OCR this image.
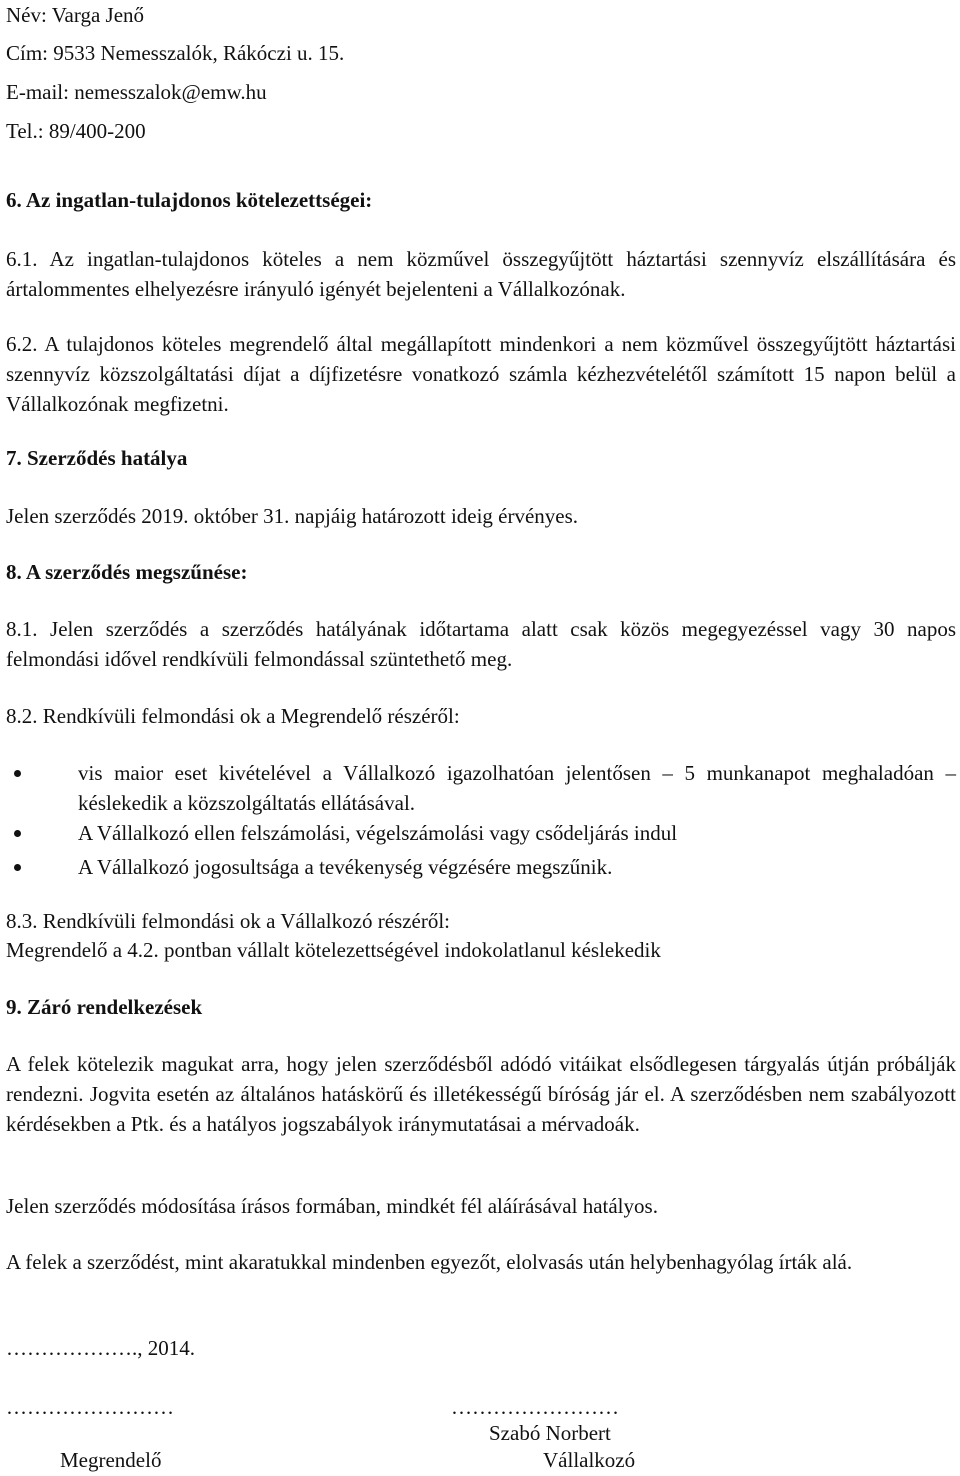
Név: Varga Jenő
Cím: 9533 Nemesszalók, Rákóczi u. 15.
E-mail: nemesszalok@emw.hu
Tel.: 89/400-200
6. Az ingatlan-tulajdonos kötelezettségei:

6.1. Az ingatlan-tulajdonos köteles a nem közművel összegyűjtött háztartási szennyvíz elszállítására és ártalommentes elhelyezésre irányuló igényét bejelenteni a Vállalkozónak.

6.2. A tulajdonos köteles megrendelő által megállapított mindenkori a nem közművel összegyűjtött háztartási szennyvíz közszolgáltatási díjat a díjfizetésre vonatkozó számla kézhezvételétől számított 15 napon belül a Vállalkozónak megfizetni.

7. Szerződés hatálya
Jelen szerződés 2019. október 31. napjáig határozott ideig érvényes.
8. A szerződés megszűnése:

8.1. Jelen szerződés a szerződés hatályának időtartama alatt csak közös megegyezéssel vagy 30 napos felmondási idővel rendkívüli felmondással szüntethető meg.

8.2. Rendkívüli felmondási ok a Megrendelő részéről:
vis maior eset kivételével a Vállalkozó igazolhatóan jelentősen – 5 munkanapot meghaladóan – késlekedik a közszolgáltatás ellátásával.
A Vállalkozó ellen felszámolási, végelszámolási vagy csődeljárás indul
A Vállalkozó jogosultsága a tevékenység végzésére megszűnik.
8.3. Rendkívüli felmondási ok a Vállalkozó részéről:
Megrendelő a 4.2. pontban vállalt kötelezettségével indokolatlanul késlekedik
9. Záró rendelkezések

A felek kötelezik magukat arra, hogy jelen szerződésből adódó vitáikat elsődlegesen tárgyalás útján próbálják rendezni. Jogvita esetén az általános hatáskörű és illetékességű bíróság jár el. A szerződésben nem szabályozott kérdésekben a Ptk. és a hatályos jogszabályok iránymutatásai a mérvadoák.

Jelen szerződés módosítása írásos formában, mindkét fél aláírásával hatályos.

A felek a szerződést, mint akaratukkal mindenben egyezőt, elolvasás után helybenhagyólag írták alá.

………………., 2014.
……………………	……………………
Szabó Norbert
Megrendelő	Vállalkozó
